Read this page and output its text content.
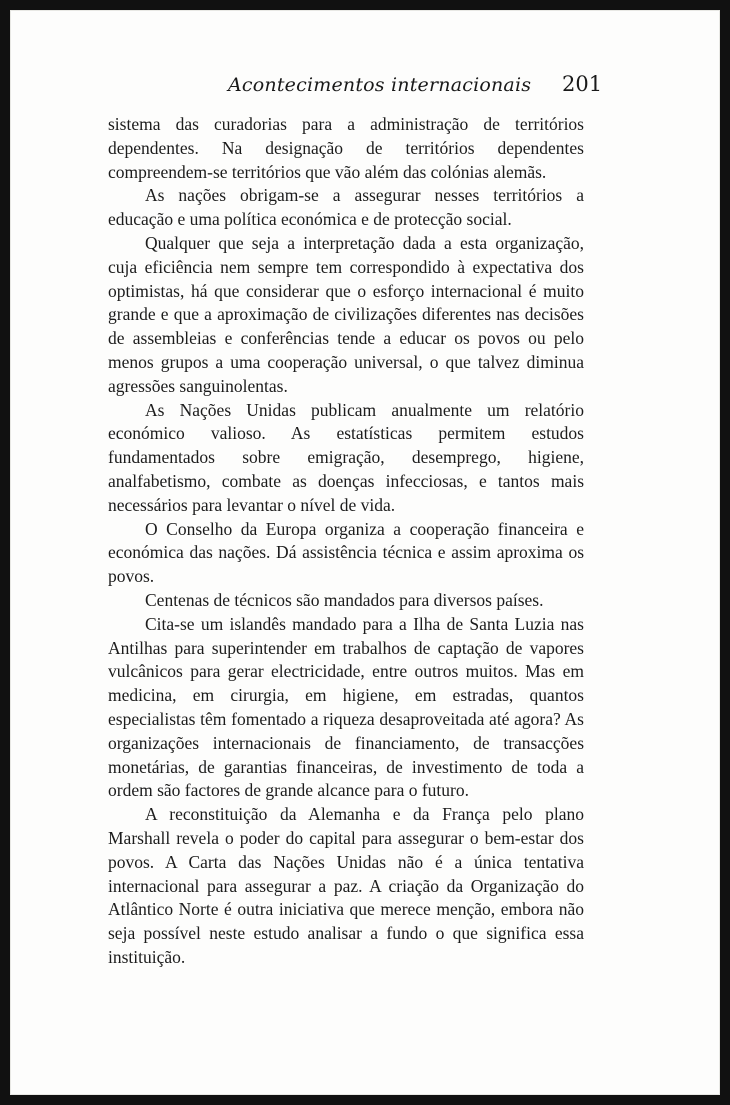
Acontecimentos internacionais 201

sistema das curadorias para a administração de territórios dependentes. Na designação de territórios dependentes compreendem-se territórios que vão além das colónias alemãs.

As nações obrigam-se a assegurar nesses territórios a educação e uma política económica e de protecção social.

Qualquer que seja a interpretação dada a esta organização, cuja eficiência nem sempre tem correspondido à expectativa dos optimistas, há que considerar que o esforço internacional é muito grande e que a aproximação de civilizações diferentes nas decisões de assembleias e conferências tende a educar os povos ou pelo menos grupos a uma cooperação universal, o que talvez diminua agressões sanguinolentas.

As Nações Unidas publicam anualmente um relatório económico valioso. As estatísticas permitem estudos fundamentados sobre emigração, desemprego, higiene, analfabetismo, combate as doenças infecciosas, e tantos mais necessários para levantar o nível de vida.

O Conselho da Europa organiza a cooperação financeira e económica das nações. Dá assistência técnica e assim aproxima os povos.

Centenas de técnicos são mandados para diversos países.

Cita-se um islandês mandado para a Ilha de Santa Luzia nas Antilhas para superintender em trabalhos de captação de vapores vulcânicos para gerar electricidade, entre outros muitos. Mas em medicina, em cirurgia, em higiene, em estradas, quantos especialistas têm fomentado a riqueza desaproveitada até agora? As organizações internacionais de financiamento, de transacções monetárias, de garantias financeiras, de investimento de toda a ordem são factores de grande alcance para o futuro.

A reconstituição da Alemanha e da França pelo plano Marshall revela o poder do capital para assegurar o bem-estar dos povos. A Carta das Nações Unidas não é a única tentativa internacional para assegurar a paz. A criação da Organização do Atlântico Norte é outra iniciativa que merece menção, embora não seja possível neste estudo analisar a fundo o que significa essa instituição.
